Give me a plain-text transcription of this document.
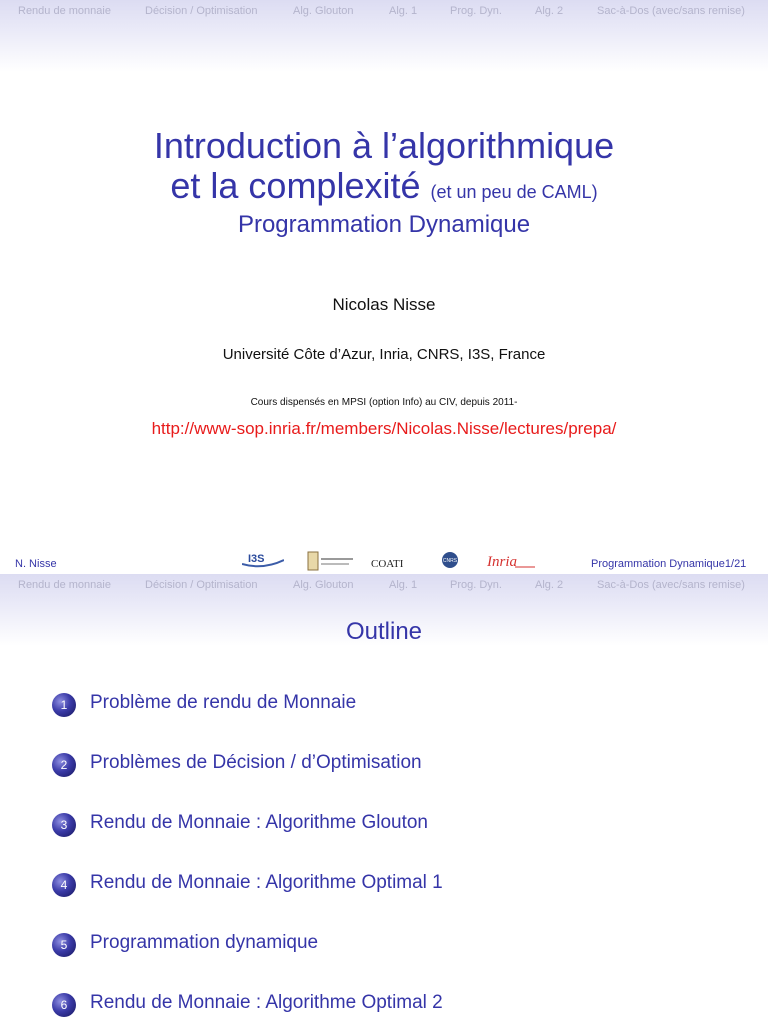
Rendu de monnaie	Décision / Optimisation	Alg. Glouton	Alg. 1	Prog. Dyn.	Alg. 2	Sac-à-Dos (avec/sans remise)
Introduction à l’algorithmique
et la complexité (et un peu de CAML)
Programmation Dynamique
Nicolas Nisse
Université Côte d’Azur, Inria, CNRS, I3S, France
Cours dispensés en MPSI (option Info) au CIV, depuis 2011-
http://www-sop.inria.fr/members/Nicolas.Nisse/lectures/prepa/
N. Nisse	I3S	COATI	CNRS Inria	Programmation Dynamique1/21
Rendu de monnaie	Décision / Optimisation	Alg. Glouton	Alg. 1	Prog. Dyn.	Alg. 2	Sac-à-Dos (avec/sans remise)
Outline
1	Problème de rendu de Monnaie
2	Problèmes de Décision / d’Optimisation
3	Rendu de Monnaie : Algorithme Glouton
4	Rendu de Monnaie : Algorithme Optimal 1
5	Programmation dynamique
6	Rendu de Monnaie : Algorithme Optimal 2
